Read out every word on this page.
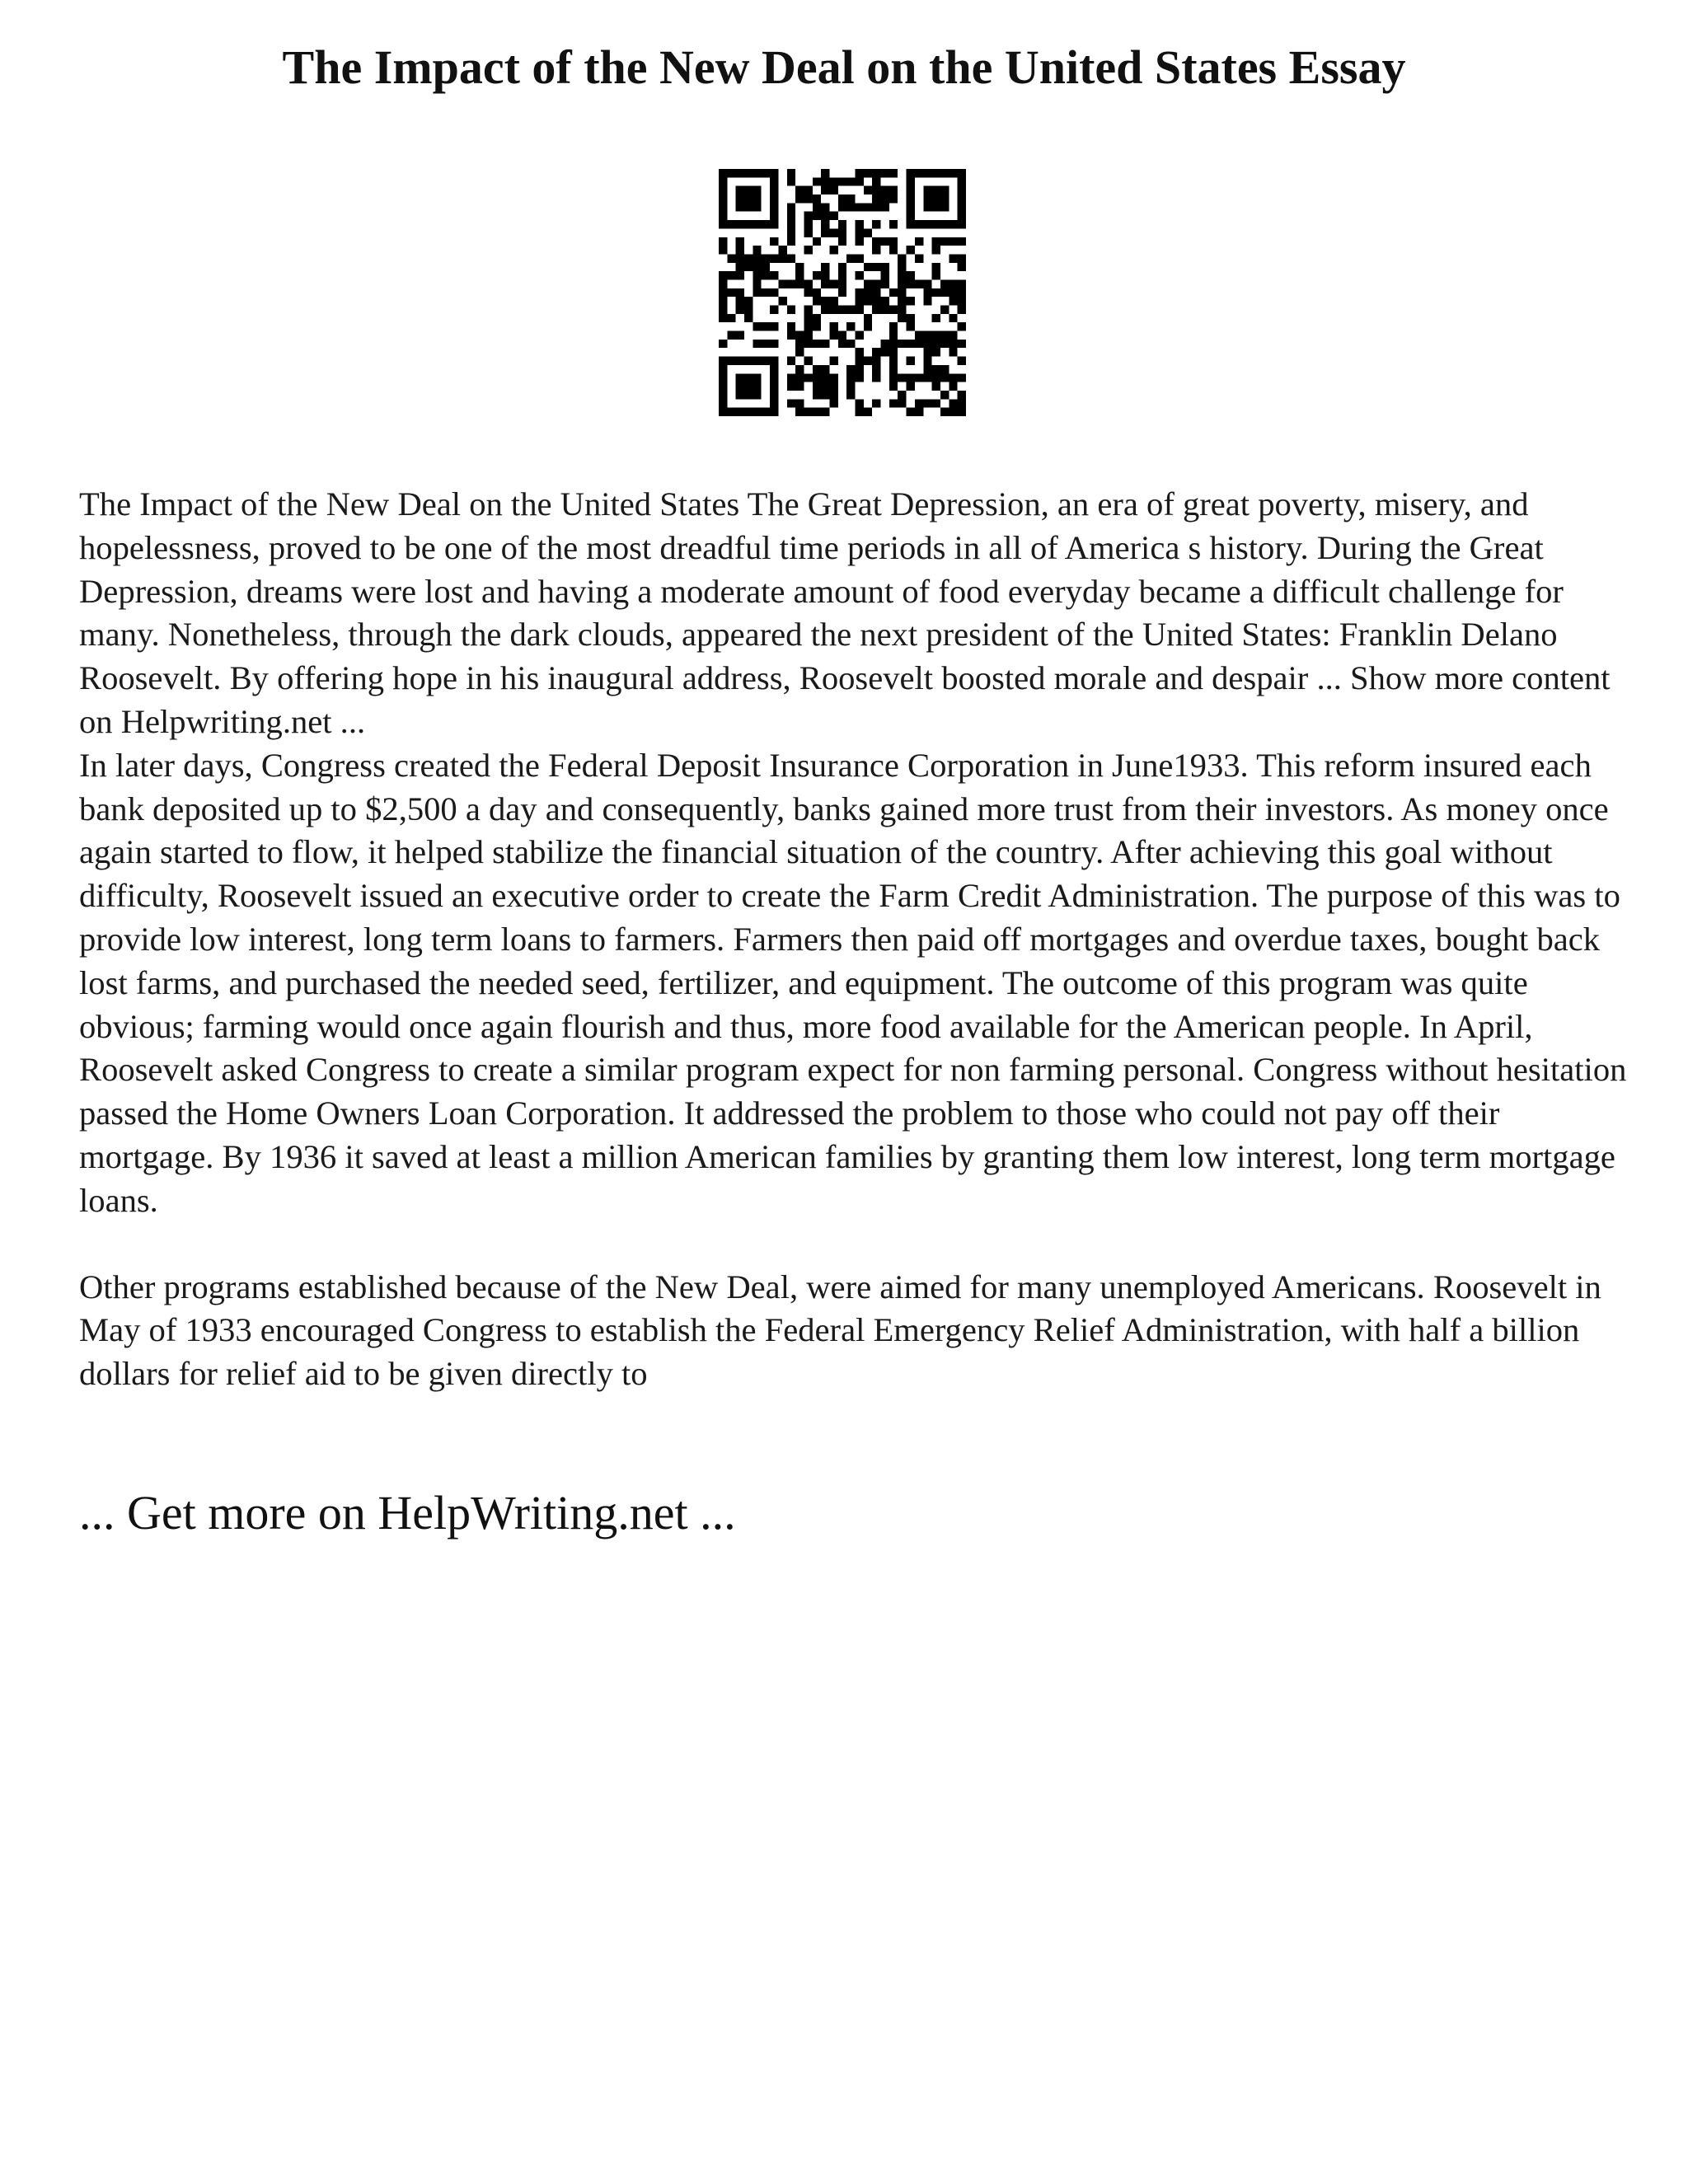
The Impact of the New Deal on the United States Essay

The Impact of the New Deal on the United States The Great Depression, an era of great poverty, misery, and hopelessness, proved to be one of the most dreadful time periods in all of America s history. During the Great Depression, dreams were lost and having a moderate amount of food everyday became a difficult challenge for many. Nonetheless, through the dark clouds, appeared the next president of the United States: Franklin Delano Roosevelt. By offering hope in his inaugural address, Roosevelt boosted morale and despair ... Show more content on Helpwriting.net ...

In later days, Congress created the Federal Deposit Insurance Corporation in June1933. This reform insured each bank deposited up to $2,500 a day and consequently, banks gained more trust from their investors. As money once again started to flow, it helped stabilize the financial situation of the country. After achieving this goal without difficulty, Roosevelt issued an executive order to create the Farm Credit Administration. The purpose of this was to provide low interest, long term loans to farmers. Farmers then paid off mortgages and overdue taxes, bought back lost farms, and purchased the needed seed, fertilizer, and equipment. The outcome of this program was quite obvious; farming would once again flourish and thus, more food available for the American people. In April, Roosevelt asked Congress to create a similar program expect for non farming personal. Congress without hesitation passed the Home Owners Loan Corporation. It addressed the problem to those who could not pay off their mortgage. By 1936 it saved at least a million American families by granting them low interest, long term mortgage loans.

Other programs established because of the New Deal, were aimed for many unemployed Americans. Roosevelt in May of 1933 encouraged Congress to establish the Federal Emergency Relief Administration, with half a billion dollars for relief aid to be given directly to

... Get more on HelpWriting.net ...
